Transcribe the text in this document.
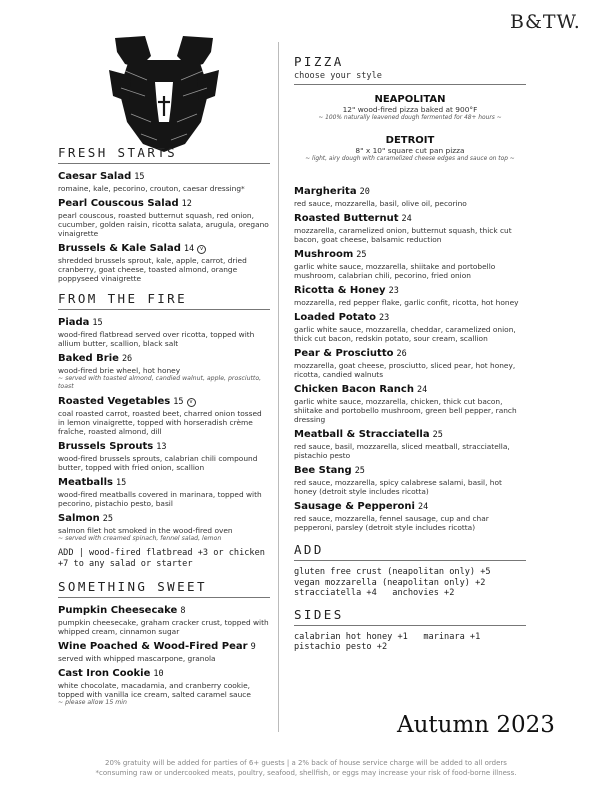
B&TW.
FRESH STARTS
Caesar Salad 15
romaine, kale, pecorino, crouton, caesar dressing*
Pearl Couscous Salad 12
pearl couscous, roasted butternut squash, red onion, cucumber, golden raisin, ricotta salata, arugula, oregano vinaigrette
Brussels & Kale Salad 14 v
shredded brussels sprout, kale, apple, carrot, dried cranberry, goat cheese, toasted almond, orange poppyseed vinaigrette
FROM THE FIRE
Piada 15
wood-fired flatbread served over ricotta, topped with allium butter, scallion, black salt
Baked Brie 26
wood-fired brie wheel, hot honey
~ served with toasted almond, candied walnut, apple, prosciutto, toast
Roasted Vegetables 15 v
coal roasted carrot, roasted beet, charred onion tossed in lemon vinaigrette, topped with horseradish crème fraîche, roasted almond, dill
Brussels Sprouts 13
wood-fired brussels sprouts, calabrian chili compound butter, topped with fried onion, scallion
Meatballs 15
wood-fired meatballs covered in marinara, topped with pecorino, pistachio pesto, basil
Salmon 25
salmon filet hot smoked in the wood-fired oven
~ served with creamed spinach, fennel salad, lemon
ADD | wood-fired flatbread +3 or chicken +7 to any salad or starter
SOMETHING SWEET
Pumpkin Cheesecake 8
pumpkin cheesecake, graham cracker crust, topped with whipped cream, cinnamon sugar
Wine Poached & Wood-Fired Pear 9
served with whipped mascarpone, granola
Cast Iron Cookie 10
white chocolate, macadamia, and cranberry cookie, topped with vanilla ice cream, salted caramel sauce
~ please allow 15 min
PIZZA
choose your style
NEAPOLITAN
12" wood-fired pizza baked at 900°F
~ 100% naturally leavened dough fermented for 48+ hours ~
DETROIT
8" x 10" square cut pan pizza
~ light, airy dough with caramelized cheese edges and sauce on top ~
Margherita 20
red sauce, mozzarella, basil, olive oil, pecorino
Roasted Butternut 24
mozzarella, caramelized onion, butternut squash, thick cut bacon, goat cheese, balsamic reduction
Mushroom 25
garlic white sauce, mozzarella, shiitake and portobello mushroom, calabrian chili, pecorino, fried onion
Ricotta & Honey 23
mozzarella, red pepper flake, garlic confit, ricotta, hot honey
Loaded Potato 23
garlic white sauce, mozzarella, cheddar, caramelized onion, thick cut bacon, redskin potato, sour cream, scallion
Pear & Prosciutto 26
mozzarella, goat cheese, prosciutto, sliced pear, hot honey, ricotta, candied walnuts
Chicken Bacon Ranch 24
garlic white sauce, mozzarella, chicken, thick cut bacon, shiitake and portobello mushroom, green bell pepper, ranch dressing
Meatball & Stracciatella 25
red sauce, basil, mozzarella, sliced meatball, stracciatella, pistachio pesto
Bee Stang 25
red sauce, mozzarella, spicy calabrese salami, basil, hot honey (detroit style includes ricotta)
Sausage & Pepperoni 24
red sauce, mozzarella, fennel sausage, cup and char pepperoni, parsley (detroit style includes ricotta)
ADD
gluten free crust (neapolitan only) +5
vegan mozzarella (neapolitan only) +2
stracciatella +4   anchovies +2
SIDES
calabrian hot honey +1   marinara +1
pistachio pesto +2
Autumn 2023
20% gratuity will be added for parties of 6+ guests | a 2% back of house service charge will be added to all orders
*consuming raw or undercooked meats, poultry, seafood, shellfish, or eggs may increase your risk of food-borne illness.
